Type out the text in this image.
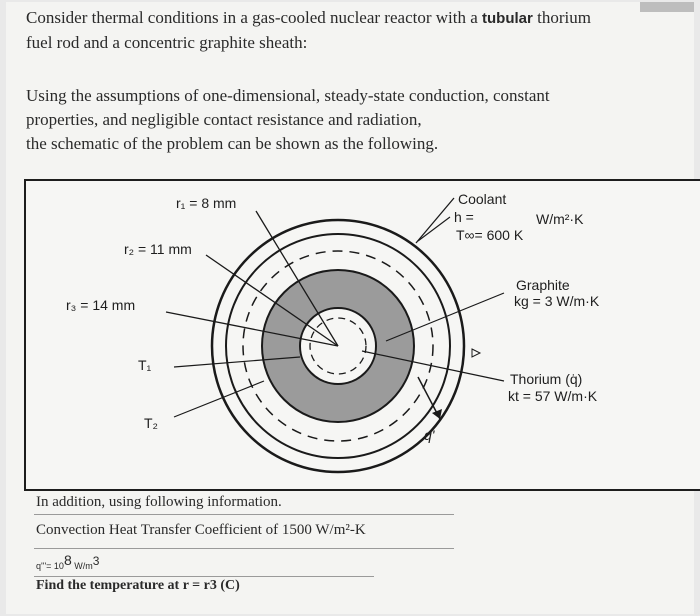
Consider thermal conditions in a gas-cooled nuclear reactor with a tubular thorium
fuel rod and a concentric graphite sheath:
Using the assumptions of one-dimensional, steady-state conduction, constant
properties, and negligible contact resistance and radiation,
the schematic of the problem can be shown as the following.
r₁ = 8 mm
r₂ = 11 mm
r₃ = 14 mm
T₁
T₂
Coolant
h =	W/m²·K
T∞= 600 K
Graphite
kg = 3 W/m·K
Thorium (q̇)
kt = 57 W/m·K
q'
In addition, using following information.
Convection Heat Transfer Coefficient of 1500 W/m²-K
q'''= 108 W/m3
Find the temperature at r = r3 (C)
